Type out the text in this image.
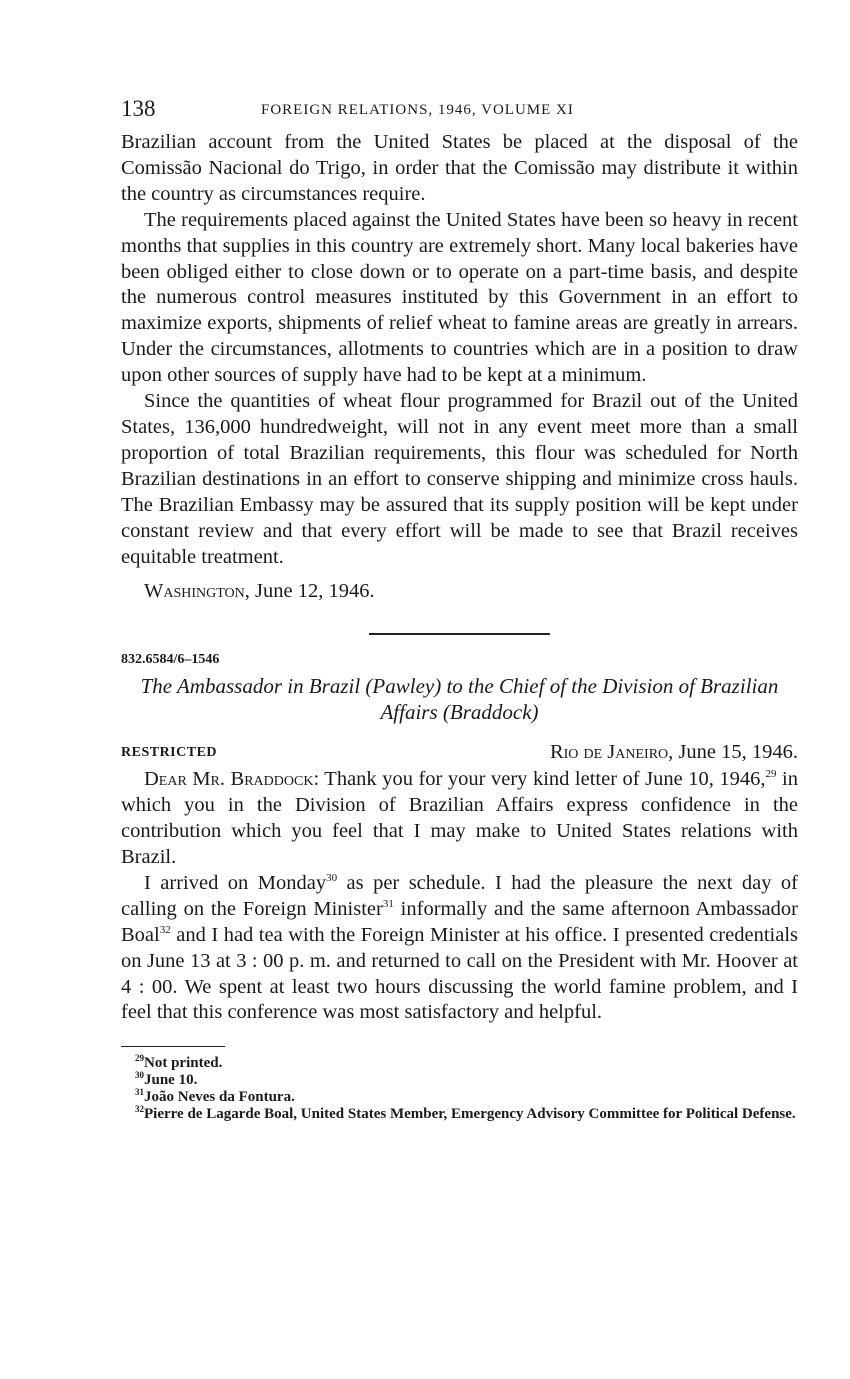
138	FOREIGN RELATIONS, 1946, VOLUME XI

Brazilian account from the United States be placed at the disposal of the Comissão Nacional do Trigo, in order that the Comissão may distribute it within the country as circumstances require.

The requirements placed against the United States have been so heavy in recent months that supplies in this country are extremely short. Many local bakeries have been obliged either to close down or to operate on a part-time basis, and despite the numerous control measures instituted by this Government in an effort to maximize exports, shipments of relief wheat to famine areas are greatly in arrears. Under the circumstances, allotments to countries which are in a position to draw upon other sources of supply have had to be kept at a minimum.

Since the quantities of wheat flour programmed for Brazil out of the United States, 136,000 hundredweight, will not in any event meet more than a small proportion of total Brazilian requirements, this flour was scheduled for North Brazilian destinations in an effort to conserve shipping and minimize cross hauls. The Brazilian Embassy may be assured that its supply position will be kept under constant review and that every effort will be made to see that Brazil receives equitable treatment.

Washington, June 12, 1946.

832.6584/6–1546
The Ambassador in Brazil (Pawley) to the Chief of the Division of Brazilian Affairs (Braddock)
RESTRICTED	Rio de Janeiro, June 15, 1946.

Dear Mr. Braddock: Thank you for your very kind letter of June 10, 1946,29 in which you in the Division of Brazilian Affairs express confidence in the contribution which you feel that I may make to United States relations with Brazil.

I arrived on Monday$^{30}$ as per schedule. I had the pleasure the next day of calling on the Foreign Minister$^{31}$ informally and the same afternoon Ambassador Boal$^{32}$ and I had tea with the Foreign Minister at his office. I presented credentials on June 13 at 3 : 00 p. m. and returned to call on the President with Mr. Hoover at 4 : 00. We spent at least two hours discussing the world famine problem, and I feel that this conference was most satisfactory and helpful.

$^{29}$Not printed.

$^{30}$June 10.

$^{31}$João Neves da Fontura.

$^{32}$Pierre de Lagarde Boal, United States Member, Emergency Advisory Committee for Political Defense.
